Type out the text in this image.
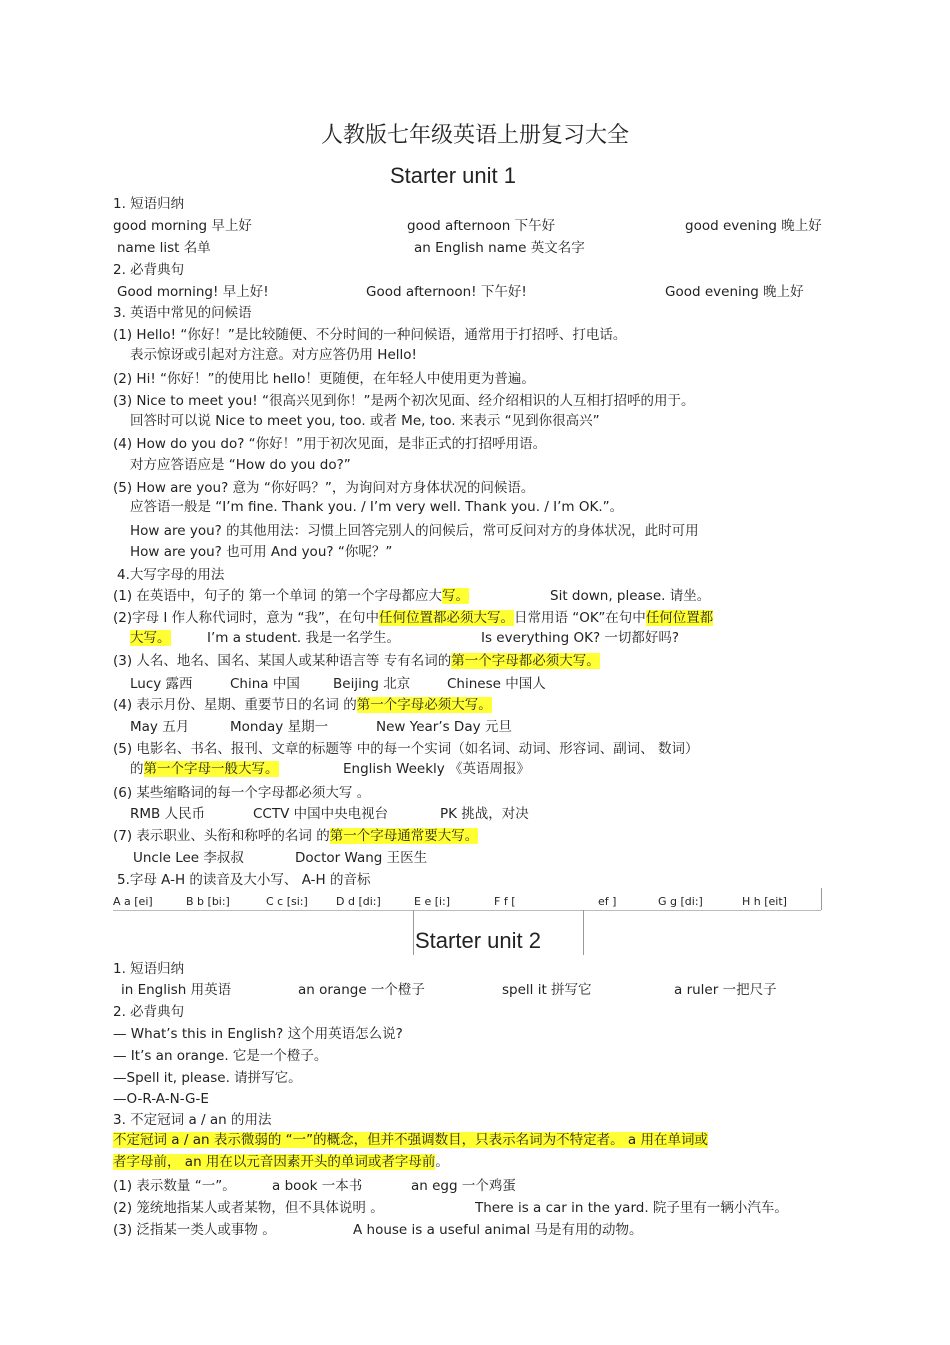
人教版七年级英语上册复习大全
Starter unit 1
1. 短语归纳
good morning 早上好	good afternoon 下午好	good evening 晚上好
name list 名单	an English name 英文名字
2. 必背典句
Good morning! 早上好!	Good afternoon! 下午好!	Good evening 晚上好
3. 英语中常见的问候语
(1) Hello! “你好！”是比较随便、不分时间的一种问候语，通常用于打招呼、打电话。
表示惊讶或引起对方注意。对方应答仍用 Hello!
(2) Hi! “你好！”的使用比 hello！更随便，在年轻人中使用更为普遍。
(3) Nice to meet you! “很高兴见到你！”是两个初次见面、经介绍相识的人互相打招呼的用于。
回答时可以说 Nice to meet you, too. 或者 Me, too. 来表示 “见到你很高兴”
(4) How do you do? “你好！”用于初次见面，是非正式的打招呼用语。
对方应答语应是 “How do you do?”
(5) How are you? 意为 “你好吗？”，为询问对方身体状况的问候语。
应答语一般是 “I’m fine. Thank you. / I’m very well. Thank you. / I’m OK.”。
How are you? 的其他用法：习惯上回答完别人的问候后，常可反问对方的身体状况，此时可用
How are you? 也可用 And you? “你呢？”
4.大写字母的用法
(1) 在英语中，句子的 第一个单词 的第一个字母都应大写。	Sit down, please. 请坐。
(2)字母 I 作人称代词时，意为 “我”，在句中任何位置都必须大写。日常用语 “OK”在句中任何位置都
大写。	I’m a student. 我是一名学生。	Is everything OK? 一切都好吗?
(3) 人名、地名、国名、某国人或某种语言等 专有名词的第一个字母都必须大写。
Lucy 露西	China 中国 Beijing 北京	Chinese 中国人
(4) 表示月份、星期、重要节日的名词 的第一个字母必须大写。
May 五月	Monday 星期一	New Year’s Day 元旦
(5) 电影名、书名、报刊、文章的标题等 中的每一个实词（如名词、动词、形容词、副词、 数词）
的第一个字母一般大写。	English Weekly 《英语周报》
(6) 某些缩略词的每一个字母都必须大写 。
RMB 人民币	CCTV 中国中央电视台	PK 挑战，对决
(7) 表示职业、头衔和称呼的名词 的第一个字母通常要大写。
Uncle Lee 李叔叔	Doctor Wang 王医生
5.字母 A-H 的读音及大小写、 A-H 的音标
A a [ei]	B b [bi:]	C c [si:]	D d [di:]	E e [i:]	F f [	ef ]	G g [di:]	H h [eit]
Starter unit 2
1. 短语归纳
in English 用英语	an orange 一个橙子	spell it 拼写它	a ruler 一把尺子
2. 必背典句
— What’s this in English? 这个用英语怎么说?
— It’s an orange. 它是一个橙子。
—Spell it, please. 请拼写它。
—O-R-A-N-G-E
3. 不定冠词 a / an 的用法
不定冠词 a / an 表示微弱的 “一”的概念，但并不强调数目，只表示名词为不特定者。 a 用在单词或
者字母前， an 用在以元音因素开头的单词或者字母前。
(1) 表示数量 “一”。	a book 一本书	an egg 一个鸡蛋
(2) 笼统地指某人或者某物，但不具体说明 。	There is a car in the yard. 院子里有一辆小汽车。
(3) 泛指某一类人或事物 。	A house is a useful animal 马是有用的动物。
